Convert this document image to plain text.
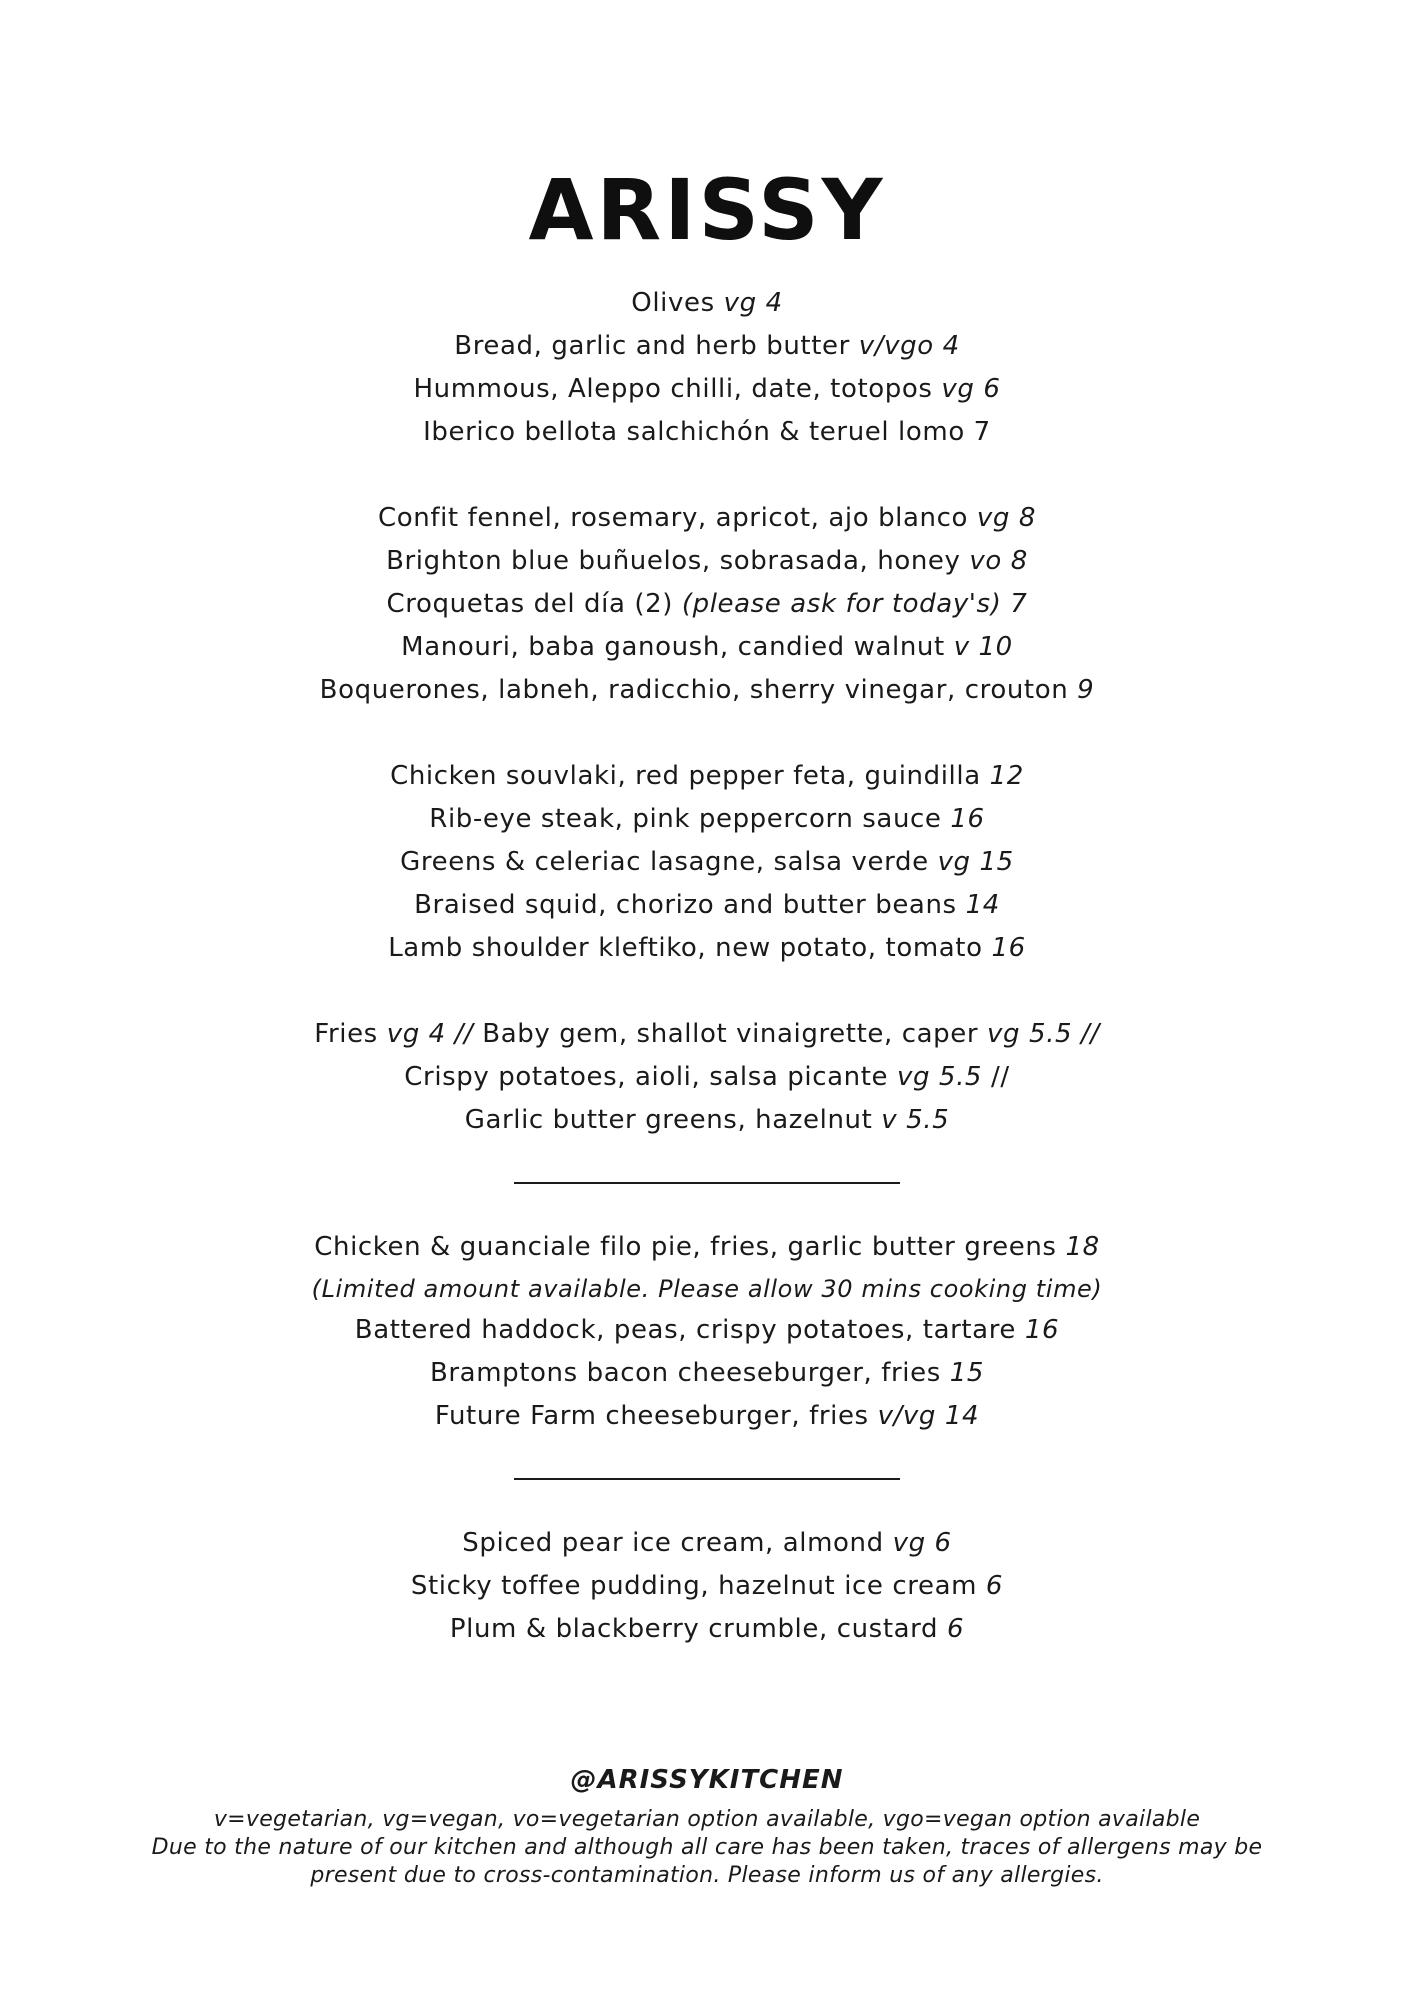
ARISSY
Olives vg 4
Bread, garlic and herb butter v/vgo 4
Hummous, Aleppo chilli, date, totopos vg 6
Iberico bellota salchichón & teruel lomo 7
Confit fennel, rosemary, apricot, ajo blanco vg 8
Brighton blue buñuelos, sobrasada, honey vo 8
Croquetas del día (2) (please ask for today's) 7
Manouri, baba ganoush, candied walnut v 10
Boquerones, labneh, radicchio, sherry vinegar, crouton 9
Chicken souvlaki, red pepper feta, guindilla 12
Rib-eye steak, pink peppercorn sauce 16
Greens & celeriac lasagne, salsa verde vg 15
Braised squid, chorizo and butter beans 14
Lamb shoulder kleftiko, new potato, tomato 16
Fries vg 4 // Baby gem, shallot vinaigrette, caper vg 5.5 //
Crispy potatoes, aioli, salsa picante vg 5.5 //
Garlic butter greens, hazelnut v 5.5
Chicken & guanciale filo pie, fries, garlic butter greens 18
(Limited amount available. Please allow 30 mins cooking time)
Battered haddock, peas, crispy potatoes, tartare 16
Bramptons bacon cheeseburger, fries 15
Future Farm cheeseburger, fries v/vg 14
Spiced pear ice cream, almond vg 6
Sticky toffee pudding, hazelnut ice cream 6
Plum & blackberry crumble, custard 6
@ARISSYKITCHEN
v=vegetarian, vg=vegan, vo=vegetarian option available, vgo=vegan option available
Due to the nature of our kitchen and although all care has been taken, traces of allergens may be
present due to cross-contamination. Please inform us of any allergies.
